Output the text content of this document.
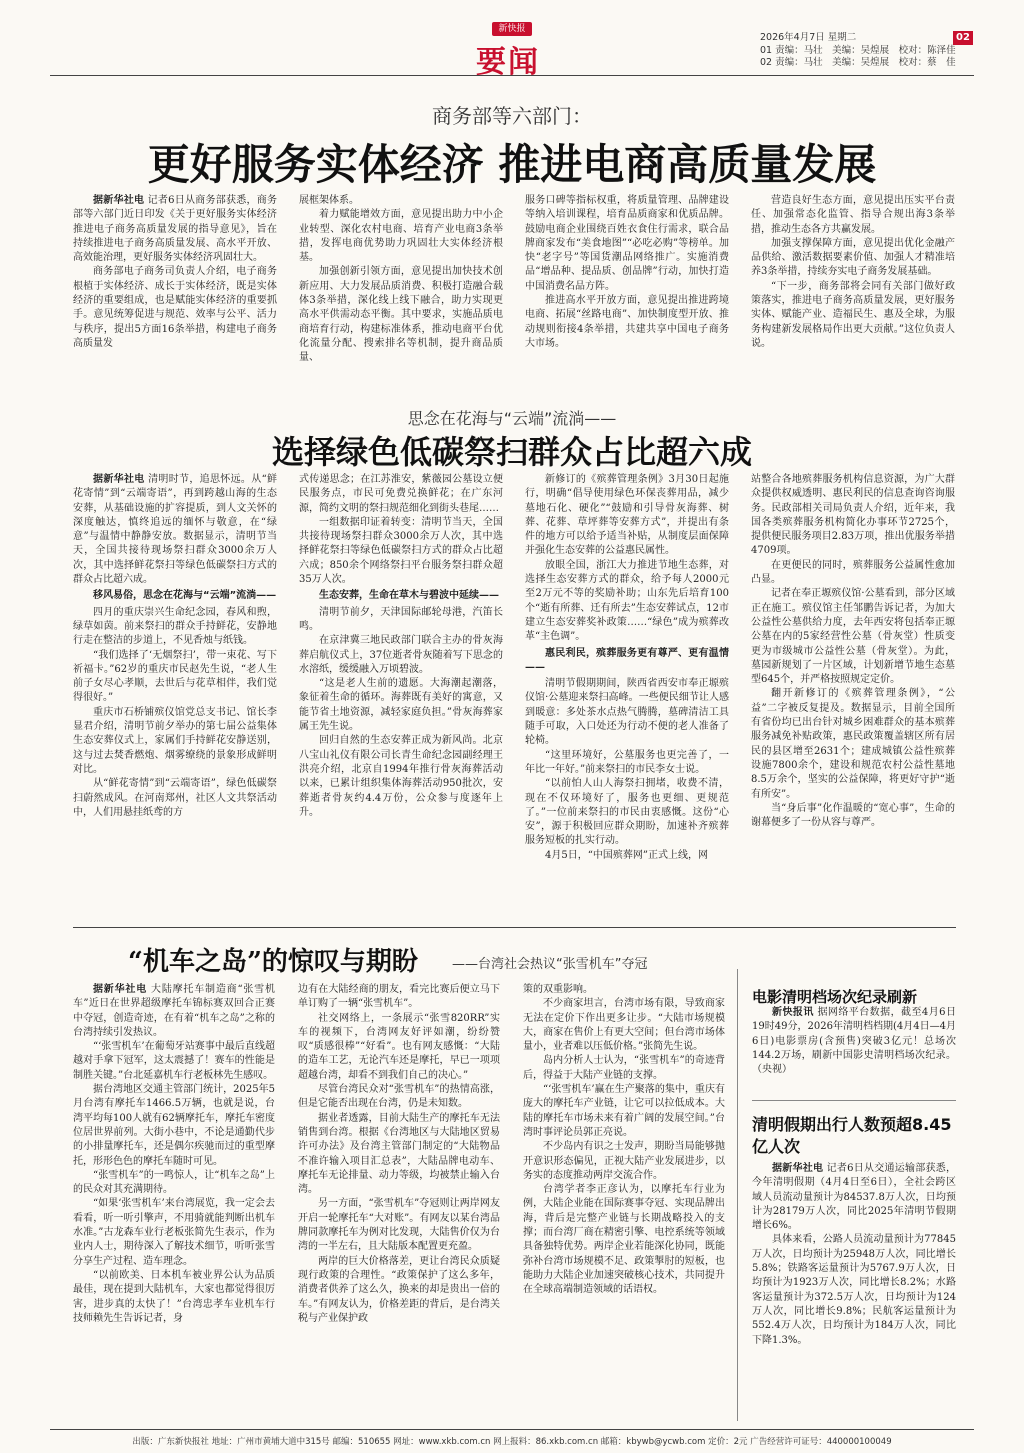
新快报
要闻
2026年4月7日 星期二
01 责编：马壮　美编：吴煌展　校对：陈泽佳
02 责编：马壮　美编：吴煌展　校对：蔡　佳
02
商务部等六部门：
更好服务实体经济 推进电商高质量发展

据新华社电 记者6日从商务部获悉，商务部等六部门近日印发《关于更好服务实体经济 推进电子商务高质量发展的指导意见》，旨在持续推进电子商务高质量发展、高水平开放、高效能治理，更好服务实体经济巩固壮大。

商务部电子商务司负责人介绍，电子商务根植于实体经济、成长于实体经济，既是实体经济的重要组成，也是赋能实体经济的重要抓手。意见统筹促进与规范、效率与公平、活力与秩序，提出5方面16条举措，构建电子商务高质量发

展框架体系。

着力赋能增效方面，意见提出助力中小企业转型、深化农村电商、培育产业电商3条举措，发挥电商优势助力巩固壮大实体经济根基。

加强创新引领方面，意见提出加快技术创新应用、大力发展品质消费、积极打造融合载体3条举措，深化线上线下融合，助力实现更高水平供需动态平衡。其中要求，实施品质电商培育行动，构建标准体系，推动电商平台优化流量分配、搜索排名等机制，提升商品质量、

服务口碑等指标权重，将质量管理、品牌建设等纳入培训课程，培育品质商家和优质品牌。鼓励电商企业围绕百姓衣食住行需求，联合品牌商家发布“美食地图”“必吃必购”等榜单。加快“老字号”等国货潮品网络推广。实施消费品“增品种、提品质、创品牌”行动，加快打造中国消费名品方阵。

推进高水平开放方面，意见提出推进跨境电商、拓展“丝路电商”、加快制度型开放、推动规则衔接4条举措，共建共享中国电子商务大市场。

营造良好生态方面，意见提出压实平台责任、加强常态化监管、指导合规出海3条举措，推动生态各方共赢发展。

加强支撑保障方面，意见提出优化金融产品供给、激活数据要素价值、加强人才精准培养3条举措，持续夯实电子商务发展基础。

“下一步，商务部将会同有关部门做好政策落实，推进电子商务高质量发展，更好服务实体、赋能产业、造福民生、惠及全球，为服务构建新发展格局作出更大贡献。”这位负责人说。

思念在花海与“云端”流淌——
选择绿色低碳祭扫群众占比超六成

据新华社电 清明时节，追思怀远。从“鲜花寄情”到“云端寄语”，再到跨越山海的生态安葬，从基础设施的扩容提质，到人文关怀的深度触达，慎终追远的缅怀与敬意，在“绿意”与温情中静静安放。数据显示，清明节当天，全国共接待现场祭扫群众3000余万人次，其中选择鲜花祭扫等绿色低碳祭扫方式的群众占比超六成。

移风易俗，思念在花海与“云端”流淌——

四月的重庆崇兴生命纪念园，春风和煦，绿草如茵。前来祭扫的群众手持鲜花，安静地行走在整洁的步道上，不见香烛与纸钱。

“我们选择了‘无烟祭扫’，带一束花、写下祈福卡。”62岁的重庆市民赵先生说，“老人生前子女尽心孝顺，去世后与花草相伴，我们觉得很好。”

重庆市石桥铺殡仪馆党总支书记、馆长李显君介绍，清明节前夕举办的第七届公益集体生态安葬仪式上，家属们手持鲜花安静送别，这与过去焚香燃炮、烟雾缭绕的景象形成鲜明对比。

从“鲜花寄情”到“云端寄语”，绿色低碳祭扫蔚然成风。在河南郑州，社区人文共祭活动中，人们用悬挂纸鸢的方

式传递思念；在江苏淮安，紫薇园公墓设立便民服务点，市民可免费兑换鲜花；在广东河源，简约文明的祭扫规范细化到街头巷尾……

一组数据印证着转变：清明节当天，全国共接待现场祭扫群众3000余万人次，其中选择鲜花祭扫等绿色低碳祭扫方式的群众占比超六成；850余个网络祭扫平台服务祭扫群众超35万人次。

生态安葬，生命在草木与碧波中延续——

清明节前夕，天津国际邮轮母港，汽笛长鸣。

在京津冀三地民政部门联合主办的骨灰海葬启航仪式上，37位逝者骨灰随着写下思念的水溶纸，缓缓融入万顷碧波。

“这是老人生前的遗愿。大海潮起潮落，象征着生命的循环。海葬既有美好的寓意，又能节省土地资源，减轻家庭负担。”骨灰海葬家属王先生说。

回归自然的生态安葬正成为新风尚。北京八宝山礼仪有限公司长青生命纪念园副经理王洪亮介绍，北京自1994年推行骨灰海葬活动以来，已累计组织集体海葬活动950批次，安葬逝者骨灰约4.4万份，公众参与度逐年上升。

新修订的《殡葬管理条例》3月30日起施行，明确“倡导使用绿色环保丧葬用品，减少墓地石化、硬化”“鼓励和引导骨灰海葬、树葬、花葬、草坪葬等安葬方式”，并提出有条件的地方可以给予适当补贴，从制度层面保障并强化生态安葬的公益惠民属性。

放眼全国，浙江大力推进节地生态葬，对选择生态安葬方式的群众，给予每人2000元至2万元不等的奖励补助；山东先后培育100个“逝有所葬、迁有所去”生态安葬试点，12市建立生态安葬奖补政策……“绿色”成为殡葬改革“主色调”。

惠民利民，殡葬服务更有尊严、更有温情——

清明节假期期间，陕西省西安市奉正塬殡仪馆·公墓迎来祭扫高峰。一些便民细节让人感到暖意：多处茶水点热气腾腾，墓碑清洁工具随手可取，入口处还为行动不便的老人准备了轮椅。

“这里环境好，公墓服务也更完善了，一年比一年好。”前来祭扫的市民李女士说。

“以前怕人山人海祭扫拥堵，收费不清，现在不仅环境好了，服务也更细、更规范了。”一位前来祭扫的市民由衷感慨。这份“心安”，源于积极回应群众期盼，加速补齐殡葬服务短板的扎实行动。

4月5日，“中国殡葬网”正式上线，网

站整合各地殡葬服务机构信息资源，为广大群众提供权威透明、惠民利民的信息查询咨询服务。民政部相关司局负责人介绍，近年来，我国各类殡葬服务机构简化办事环节2725个，提供便民服务项目2.83万项，推出优服务举措4709项。

在更便民的同时，殡葬服务公益属性愈加凸显。

记者在奉正塬殡仪馆·公墓看到，部分区域正在施工。殡仪馆主任邹鹏告诉记者，为加大公益性公墓供给力度，去年西安将包括奉正塬公墓在内的5家经营性公墓（骨灰堂）性质变更为市级城市公益性公墓（骨灰堂）。为此，墓园新规划了一片区域，计划新增节地生态墓型645个，并严格按照规定定价。

翻开新修订的《殡葬管理条例》，“公益”二字被反复提及。数据显示，目前全国所有省份均已出台针对城乡困难群众的基本殡葬服务减免补贴政策，惠民政策覆盖辖区所有居民的县区增至2631个；建成城镇公益性殡葬设施7800余个，建设和规范农村公益性墓地8.5万余个，坚实的公益保障，将更好守护“逝有所安”。

当“身后事”化作温暖的“宽心事”，生命的谢幕便多了一份从容与尊严。

“机车之岛”的惊叹与期盼	——台湾社会热议“张雪机车”夺冠

据新华社电 大陆摩托车制造商“张雪机车”近日在世界超级摩托车锦标赛双回合正赛中夺冠，创造奇迹，在有着“机车之岛”之称的台湾持续引发热议。

“‘张雪机车’在葡萄牙站赛事中最后直线超越对手拿下冠军，这太震撼了！赛车的性能是制胜关键。”台北延嘉机车行老板林先生感叹。

据台湾地区交通主管部门统计，2025年5月台湾有摩托车1466.5万辆，也就是说，台湾平均每100人就有62辆摩托车，摩托车密度位居世界前列。大街小巷中，不论是通勤代步的小排量摩托车，还是偶尔疾驰而过的重型摩托，形形色色的摩托车随时可见。

“张雪机车”的一鸣惊人，让“机车之岛”上的民众对其充满期待。

“如果‘张雪机车’来台湾展览，我一定会去看看，听一听引擎声，不用骑就能判断出机车水准。”古龙森车业行老板张简先生表示，作为业内人士，期待深入了解技术细节，听听张雪分享生产过程、造车理念。

“以前欧美、日本机车被业界公认为品质最佳，现在提到大陆机车，大家也都觉得很厉害，进步真的太快了！”台湾忠孝车业机车行技师赖先生告诉记者，身

边有在大陆经商的朋友，看完比赛后便立马下单订购了一辆“张雪机车”。

社交网络上，一条展示“张雪820RR”实车的视频下，台湾网友好评如潮，纷纷赞叹“质感很棒”“好看”。也有网友感慨：“大陆的造车工艺，无论汽车还是摩托，早已一项项超越台湾，却看不到我们自己的决心。”

尽管台湾民众对“张雪机车”的热情高涨，但是它能否出现在台湾，仍是未知数。

据业者透露，目前大陆生产的摩托车无法销售到台湾。根据《台湾地区与大陆地区贸易许可办法》及台湾主管部门制定的“大陆物品不准许输入项目汇总表”，大陆品牌电动车、摩托车无论排量、动力等级，均被禁止输入台湾。

另一方面，“张雪机车”夺冠则让两岸网友开启一轮摩托车“大对账”。有网友以某台湾品牌同款摩托车为例对比发现，大陆售价仅为台湾的一半左右，且大陆版本配置更充盈。

两岸的巨大价格落差，更让台湾民众质疑现行政策的合理性。“政策保护了这么多年，消费者供养了这么久，换来的却是贵出一倍的车。”有网友认为，价格差距的背后，是台湾关税与产业保护政

策的双重影响。

不少商家坦言，台湾市场有限，导致商家无法在定价下作出更多让步。“大陆市场规模大，商家在售价上有更大空间；但台湾市场体量小，业者难以压低价格。”张简先生说。

岛内分析人士认为，“张雪机车”的奇迹背后，得益于大陆产业链的支撑。

“‘张雪机车’赢在生产聚落的集中，重庆有庞大的摩托车产业链，让它可以拉低成本。大陆的摩托车市场未来有着广阔的发展空间。”台湾时事评论员郭正亮说。

不少岛内有识之士发声，期盼当局能够抛开意识形态偏见，正视大陆产业发展进步，以务实的态度推动两岸交流合作。

台湾学者李正彦认为，以摩托车行业为例，大陆企业能在国际赛事夺冠、实现品牌出海，背后是完整产业链与长期战略投入的支撑；而台湾厂商在精密引擎、电控系统等领域具备独特优势。两岸企业若能深化协同，既能弥补台湾市场规模不足、政策掣肘的短板，也能助力大陆企业加速突破核心技术，共同提升在全球高端制造领域的话语权。

电影清明档场次纪录刷新

新快报讯 据网络平台数据，截至4月6日19时49分，2026年清明档档期(4月4日—4月6日)电影票房(含预售)突破3亿元！总场次144.2万场，刷新中国影史清明档场次纪录。（央视）

清明假期出行人数预超8.45亿人次

据新华社电 记者6日从交通运输部获悉，今年清明假期（4月4日至6日），全社会跨区域人员流动量预计为84537.8万人次，日均预计为28179万人次，同比2025年清明节假期增长6%。

具体来看，公路人员流动量预计为77845万人次，日均预计为25948万人次，同比增长5.8%；铁路客运量预计为5767.9万人次，日均预计为1923万人次，同比增长8.2%；水路客运量预计为372.5万人次，日均预计为124万人次，同比增长9.8%；民航客运量预计为552.4万人次，日均预计为184万人次，同比下降1.3%。

出版：广东新快报社 地址：广州市黄埔大道中315号 邮编：510655 网址：www.xkb.com.cn 网上报料：86.xkb.com.cn 邮箱：kbywb@ycwb.com 定价：2元 广告经营许可证号：440000100049
